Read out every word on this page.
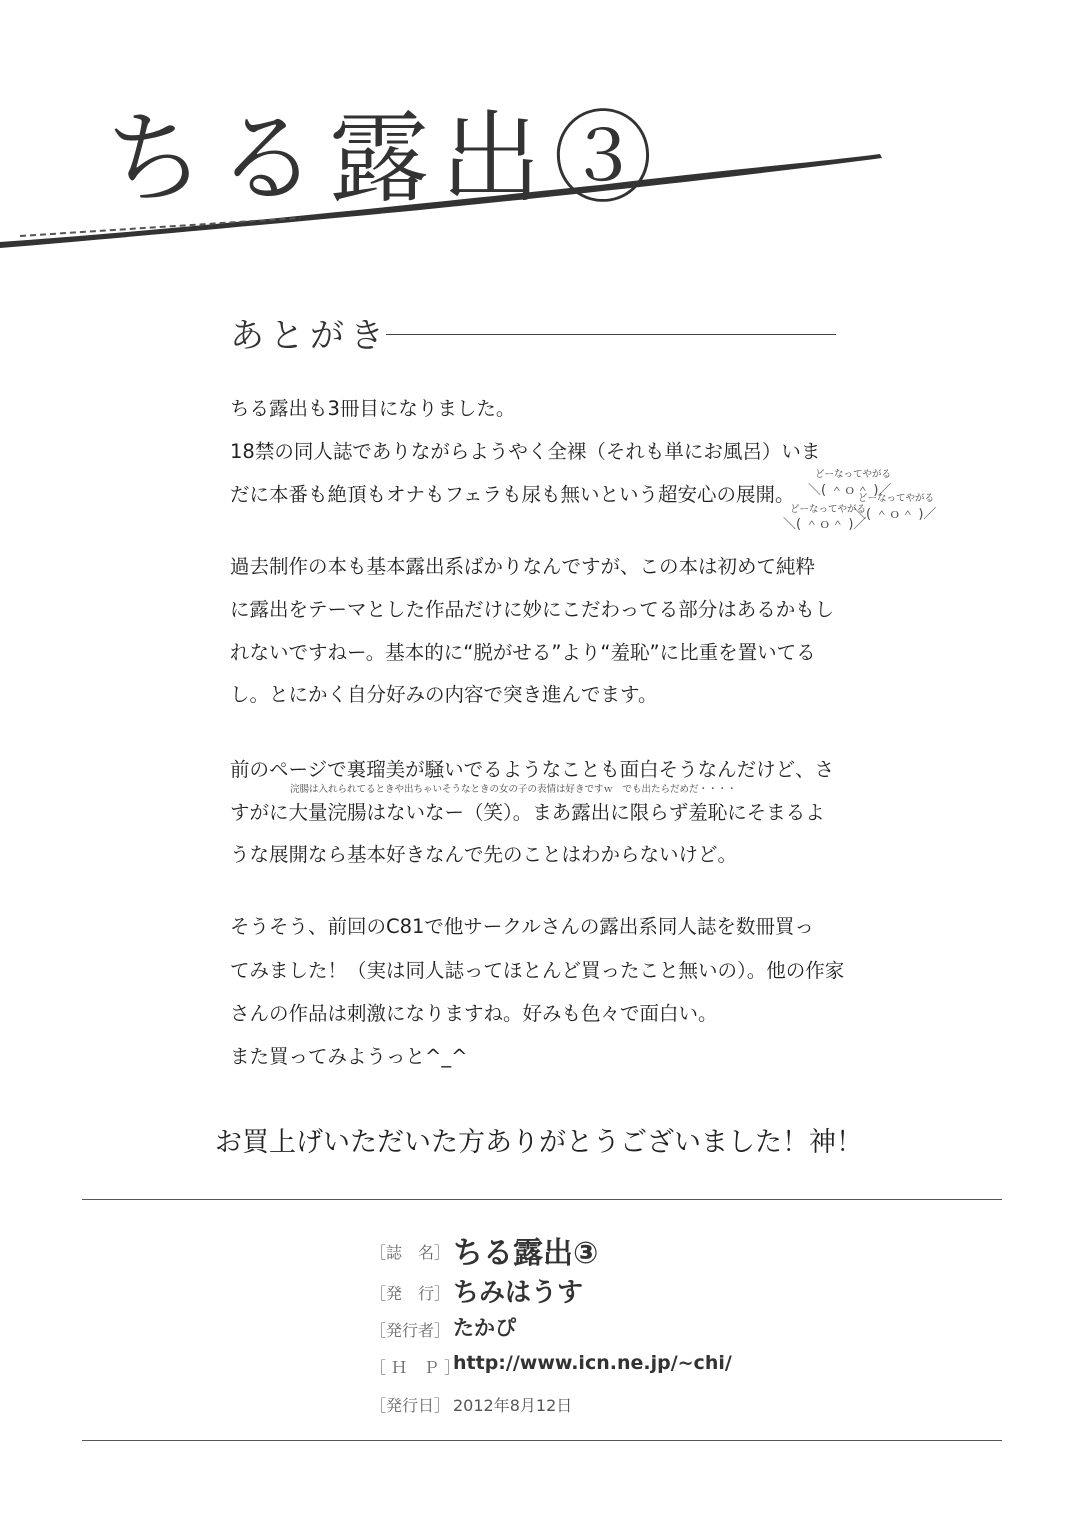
ちる露出③
あとがき
ちる露出も3冊目になりました。
18禁の同人誌でありながらようやく全裸（それも単にお風呂）いま
だに本番も絶頂もオナもフェラも尿も無いという超安心の展開。
どーなってやがる
＼( ＾ｏ＾ )／
どーなってやがる
＼( ＾ｏ＾ )／
どーなってやがる
＼( ＾ｏ＾ )／
過去制作の本も基本露出系ばかりなんですが、この本は初めて純粋
に露出をテーマとした作品だけに妙にこだわってる部分はあるかもし
れないですねー。基本的に“脱がせる”より“羞恥”に比重を置いてる
し。とにかく自分好みの内容で突き進んでます。
前のページで裏瑠美が騒いでるようなことも面白そうなんだけど、さ
浣腸は入れられてるときや出ちゃいそうなときの女の子の表情は好きですｗ　でも出たらだめだ・・・・
すがに大量浣腸はないなー（笑）。まあ露出に限らず羞恥にそまるよ
うな展開なら基本好きなんで先のことはわからないけど。
そうそう、前回のC81で他サークルさんの露出系同人誌を数冊買っ
てみました！（実は同人誌ってほとんど買ったこと無いの）。他の作家
さんの作品は刺激になりますね。好みも色々で面白い。
また買ってみようっと^_^
お買上げいただいた方ありがとうございました！神！
［誌　名］ ちる露出③
［発　行］ ちみはうす
［発行者］ たかぴ
［ Ｈ　Ｐ ］
http://www.icn.ne.jp/~chi/
［発行日］ 2012年8月12日
